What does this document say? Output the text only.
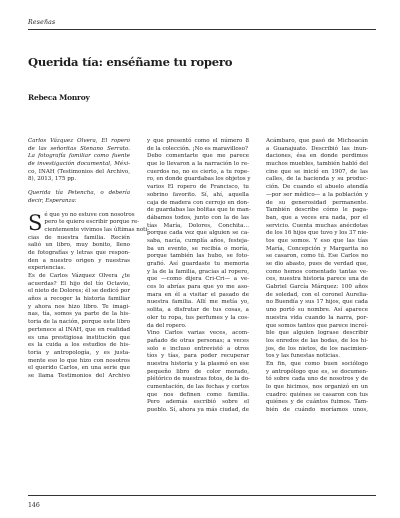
Reseñas
Querida tía: enséñame tu ropero
Rebeca Monroy
Carlos Vázquez Olvera, El ropero
de las señoritas Stenano Serrato.
La fotografía familiar como fuente
de investigación documental, Méxi-
co, INAH (Testimonios del Archivo,
8), 2013, 175 pp.
Querida tía Petencha, o debería
decir, Esperanza:
S é que yo no estuve con nosotros
pero te quiero escribir porque re-
cientemente vivimos las últimas noti-
cias de nuestra familia. Recién
salió un libro, muy bonito, lleno
de fotografías y letras que respon-
den a nuestro origen y nuestras
experiencias.
Es de Carlos Vázquez Olvera ¿te
acuerdas? El hijo del tío Octavio,
el nieto de Dolores; él se dedicó por
años a recoger la historia familiar
y ahora nos hizo libro. Te imagi-
nas, tía, somos ya parte de la his-
toria de la nación, porque este libro
pertenece al INAH, que en realidad
es una prestigiosa institución que
es la cuida a los estudios de his-
toria y antropología, y es justa-
mente eso lo que hizo con nosotros
el querido Carlos, en una serie que
se llama Testimonios del Archivo
y que presentó como el número 8
de la colección. ¡No es maravilloso?
Debo comentarte que me parece
que lo llevaron a la narración lo re-
cuerdos no, no es cierto, a tu rope-
ro, en donde guardabas los objetos y
varios El ropero de Francisco, tu
sobrino favorito. Sí, ahí, aquella
caja de madera con cerrojo en don-
de guardabas las bolitas que te man-
dábamos todos, junto con la de las
tías María, Dolores, Conchita…
porque cada vez que alguien se ca-
saba, nacía, cumplía años, festeja-
ba un evento, se recibía o moría,
porque también las hubo, se foto-
grafió. Así guardaste tu memoria
y la de la familia, gracias al ropero,
que —como dijera Cri-Cri— a ve-
ces lo abrías para que yo me aso-
mara en él a visitar el pasado de
nuestra familia. Allí me metía yo,
solita, a disfrutar de tus cosas, a
oler tu ropa, tus perfumes y la cos-
da del ropero.
Vino Carlos varias veces, acom-
pañado de otras personas; a veces
solo e incluso entrevistó a otros
tíos y tías, para poder recuperar
nuestra historia y la plasmó en ese
pequeño libro de color morado,
plétórico de nuestras fotos, de la do-
cumentación, de las fechas y cortos
que nos definen como familia.
Pero además escribió sobre el
pueblo. Sí, ahora ya más ciudad, de
Acámbaro, que pasó de Michoacán
a Guanajuato. Describió las inun-
daciones, ésa en donde perdimos
muchos muebles, también habló del
cine que se inició en 1907, de las
calles, de la hacienda y su produc-
ción. De cuando el abuelo atendía
—por ser médico— a la población y
de su generosidad permanente.
También describe cómo le paga-
ban, que a veces era nada, por el
servicio. Cuenta muchas anécdotas
de los 16 hijos que tuvo y los 37 nie-
tos que somos. Y eso que las tías
María, Concepción y Margarita no
se casaron, como tú. Ese Carlos no
se dio abasto, pues de verdad que,
como hemos comentado tantas ve-
ces, nuestra historia parece una de
Gabriel García Márquez: 100 años
de soledad, con el coronel Aurelia-
no Buendía y sus 17 hijos, que cada
uno portó su nombre. Así aparece
nuestra vida cuando la narra, por-
que somos tantos que parece increí-
ble que alguien lograse describir
los enredos de las bodas, de los hi-
jos, de los nietos, de los nacimien-
tos y las funestas noticias.
En fin, que como buen sociólogo
y antropólogo que es, se documen-
tó sobre cada uno de nosotros y de
lo que hicimos, nos organizó en un
cuadro: quiénes se casaron con tus
quiénes y de cuántos fuimos. Tam-
bién de cuándo moríamos unos,
146
